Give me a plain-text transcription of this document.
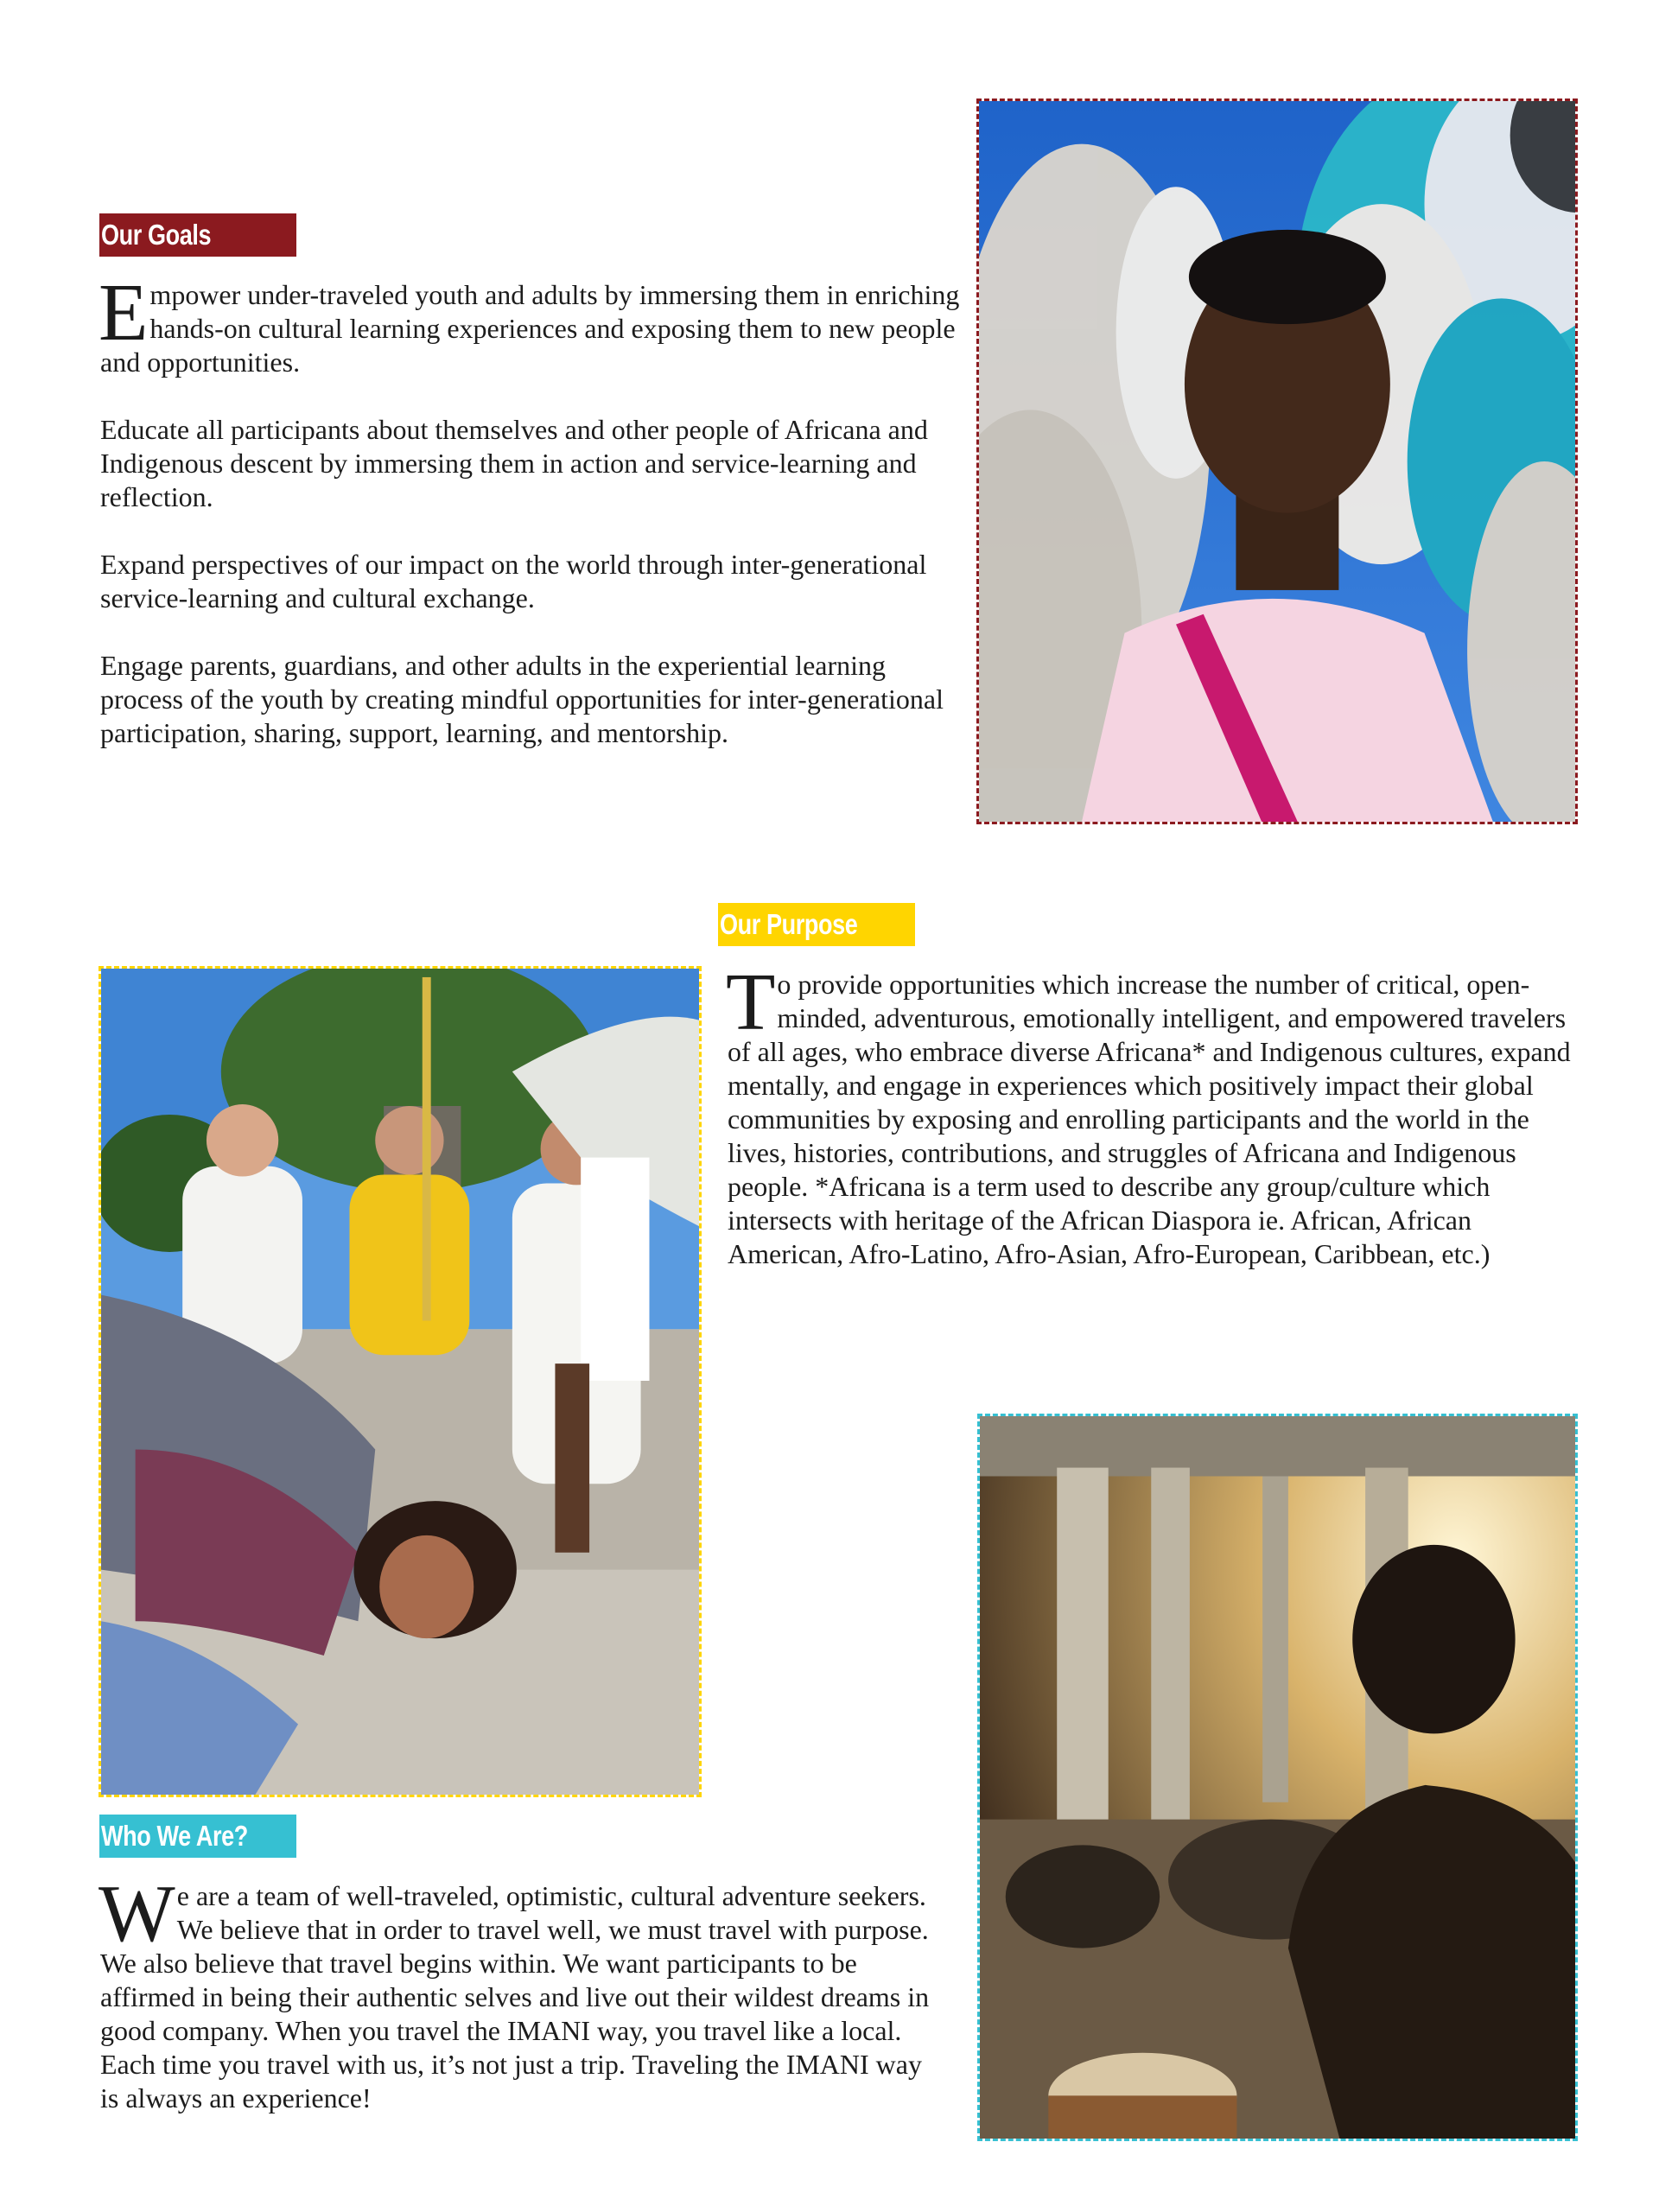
Our Goals

Empower under-traveled youth and adults by immersing them in enriching hands-on cultural learning experiences and exposing them to new people and opportunities.

Educate all participants about themselves and other people of Africana and Indigenous descent by immersing them in action and service-learning and reflection.

Expand perspectives of our impact on the world through inter-generational service-learning and cultural exchange.

Engage parents, guardians, and other adults in the experiential learning process of the youth by creating mindful opportunities for inter-generational participation, sharing, support, learning, and mentorship.

Our Purpose

To provide opportunities which increase the number of critical, open-minded, adventurous, emotionally intelligent, and empowered travelers of all ages, who embrace diverse Africana* and Indigenous cultures, expand mentally, and engage in experiences which positively impact their global communities by exposing and enrolling participants and the world in the lives, histories, contributions, and struggles of Africana and Indigenous people. *Africana is a term used to describe any group/culture which intersects with heritage of the African Diaspora ie. African, African American, Afro-Latino, Afro-Asian, Afro-European, Caribbean, etc.)

Who We Are?

We are a team of well-traveled, optimistic, cultural adventure seekers. We believe that in order to travel well, we must travel with purpose. We also believe that travel begins within. We want participants to be affirmed in being their authentic selves and live out their wildest dreams in good company. When you travel the IMANI way, you travel like a local. Each time you travel with us, it’s not just a trip. Traveling the IMANI way is always an experience!
